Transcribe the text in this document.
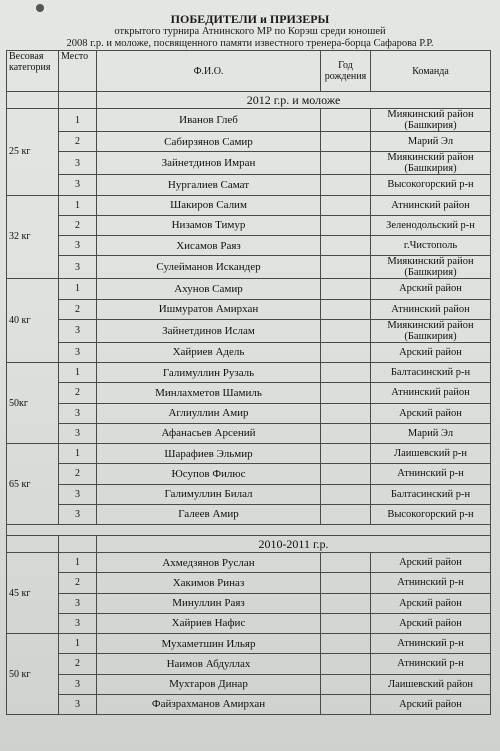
ПОБЕДИТЕЛИ и ПРИЗЕРЫ
открытого турнира Атнинского МР по Корэш среди юношей
2008 г.р. и моложе, посвященного памяти известного тренера-борца Сафарова Р.Р.
Весовая категория	Место	Ф.И.О.	Год рождения	Команда
		2012 г.р. и моложе		
25 кг	1	Иванов Глеб		Миякинский район (Башкирия)
	2	Сабирзянов Самир		Марий Эл
	3	Зайнетдинов Имран		Миякинский район (Башкирия)
	3	Нургалиев Самат		Высокогорский р-н
32 кг	1	Шакиров Салим		Атнинский район
	2	Низамов Тимур		Зеленодольский р-н
	3	Хисамов Раяз		г.Чистополь
	3	Сулейманов Искандер		Миякинский район (Башкирия)
40 кг	1	Ахунов Самир		Арский район
	2	Ишмуратов Амирхан		Атнинский район
	3	Зайнетдинов Ислам		Миякинский район (Башкирия)
	3	Хайриев Адель		Арский район
50кг	1	Галимуллин Рузаль		Балтасинский р-н
	2	Минлахметов Шамиль		Атнинский район
	3	Аглиуллин Амир		Арский район
	3	Афанасьев Арсений		Марий Эл
65 кг	1	Шарафиев Эльмир		Лаишевский р-н
	2	Юсупов Филюс		Атнинский р-н
	3	Галимуллин Билал		Балтасинский р-н
	3	Галеев Амир		Высокогорский р-н

		2010-2011 г.р.		
45 кг	1	Ахмедзянов Руслан		Арский район
	2	Хакимов Риназ		Атнинский р-н
	3	Минуллин Раяз		Арский район
	3	Хайриев Нафис		Арский район
50 кг	1	Мухаметшин Ильяр		Атнинский р-н
	2	Наимов Абдуллах		Атнинский р-н
	3	Мухтаров Динар		Лаишевский район
	3	Файзрахманов Амирхан		Арский район
